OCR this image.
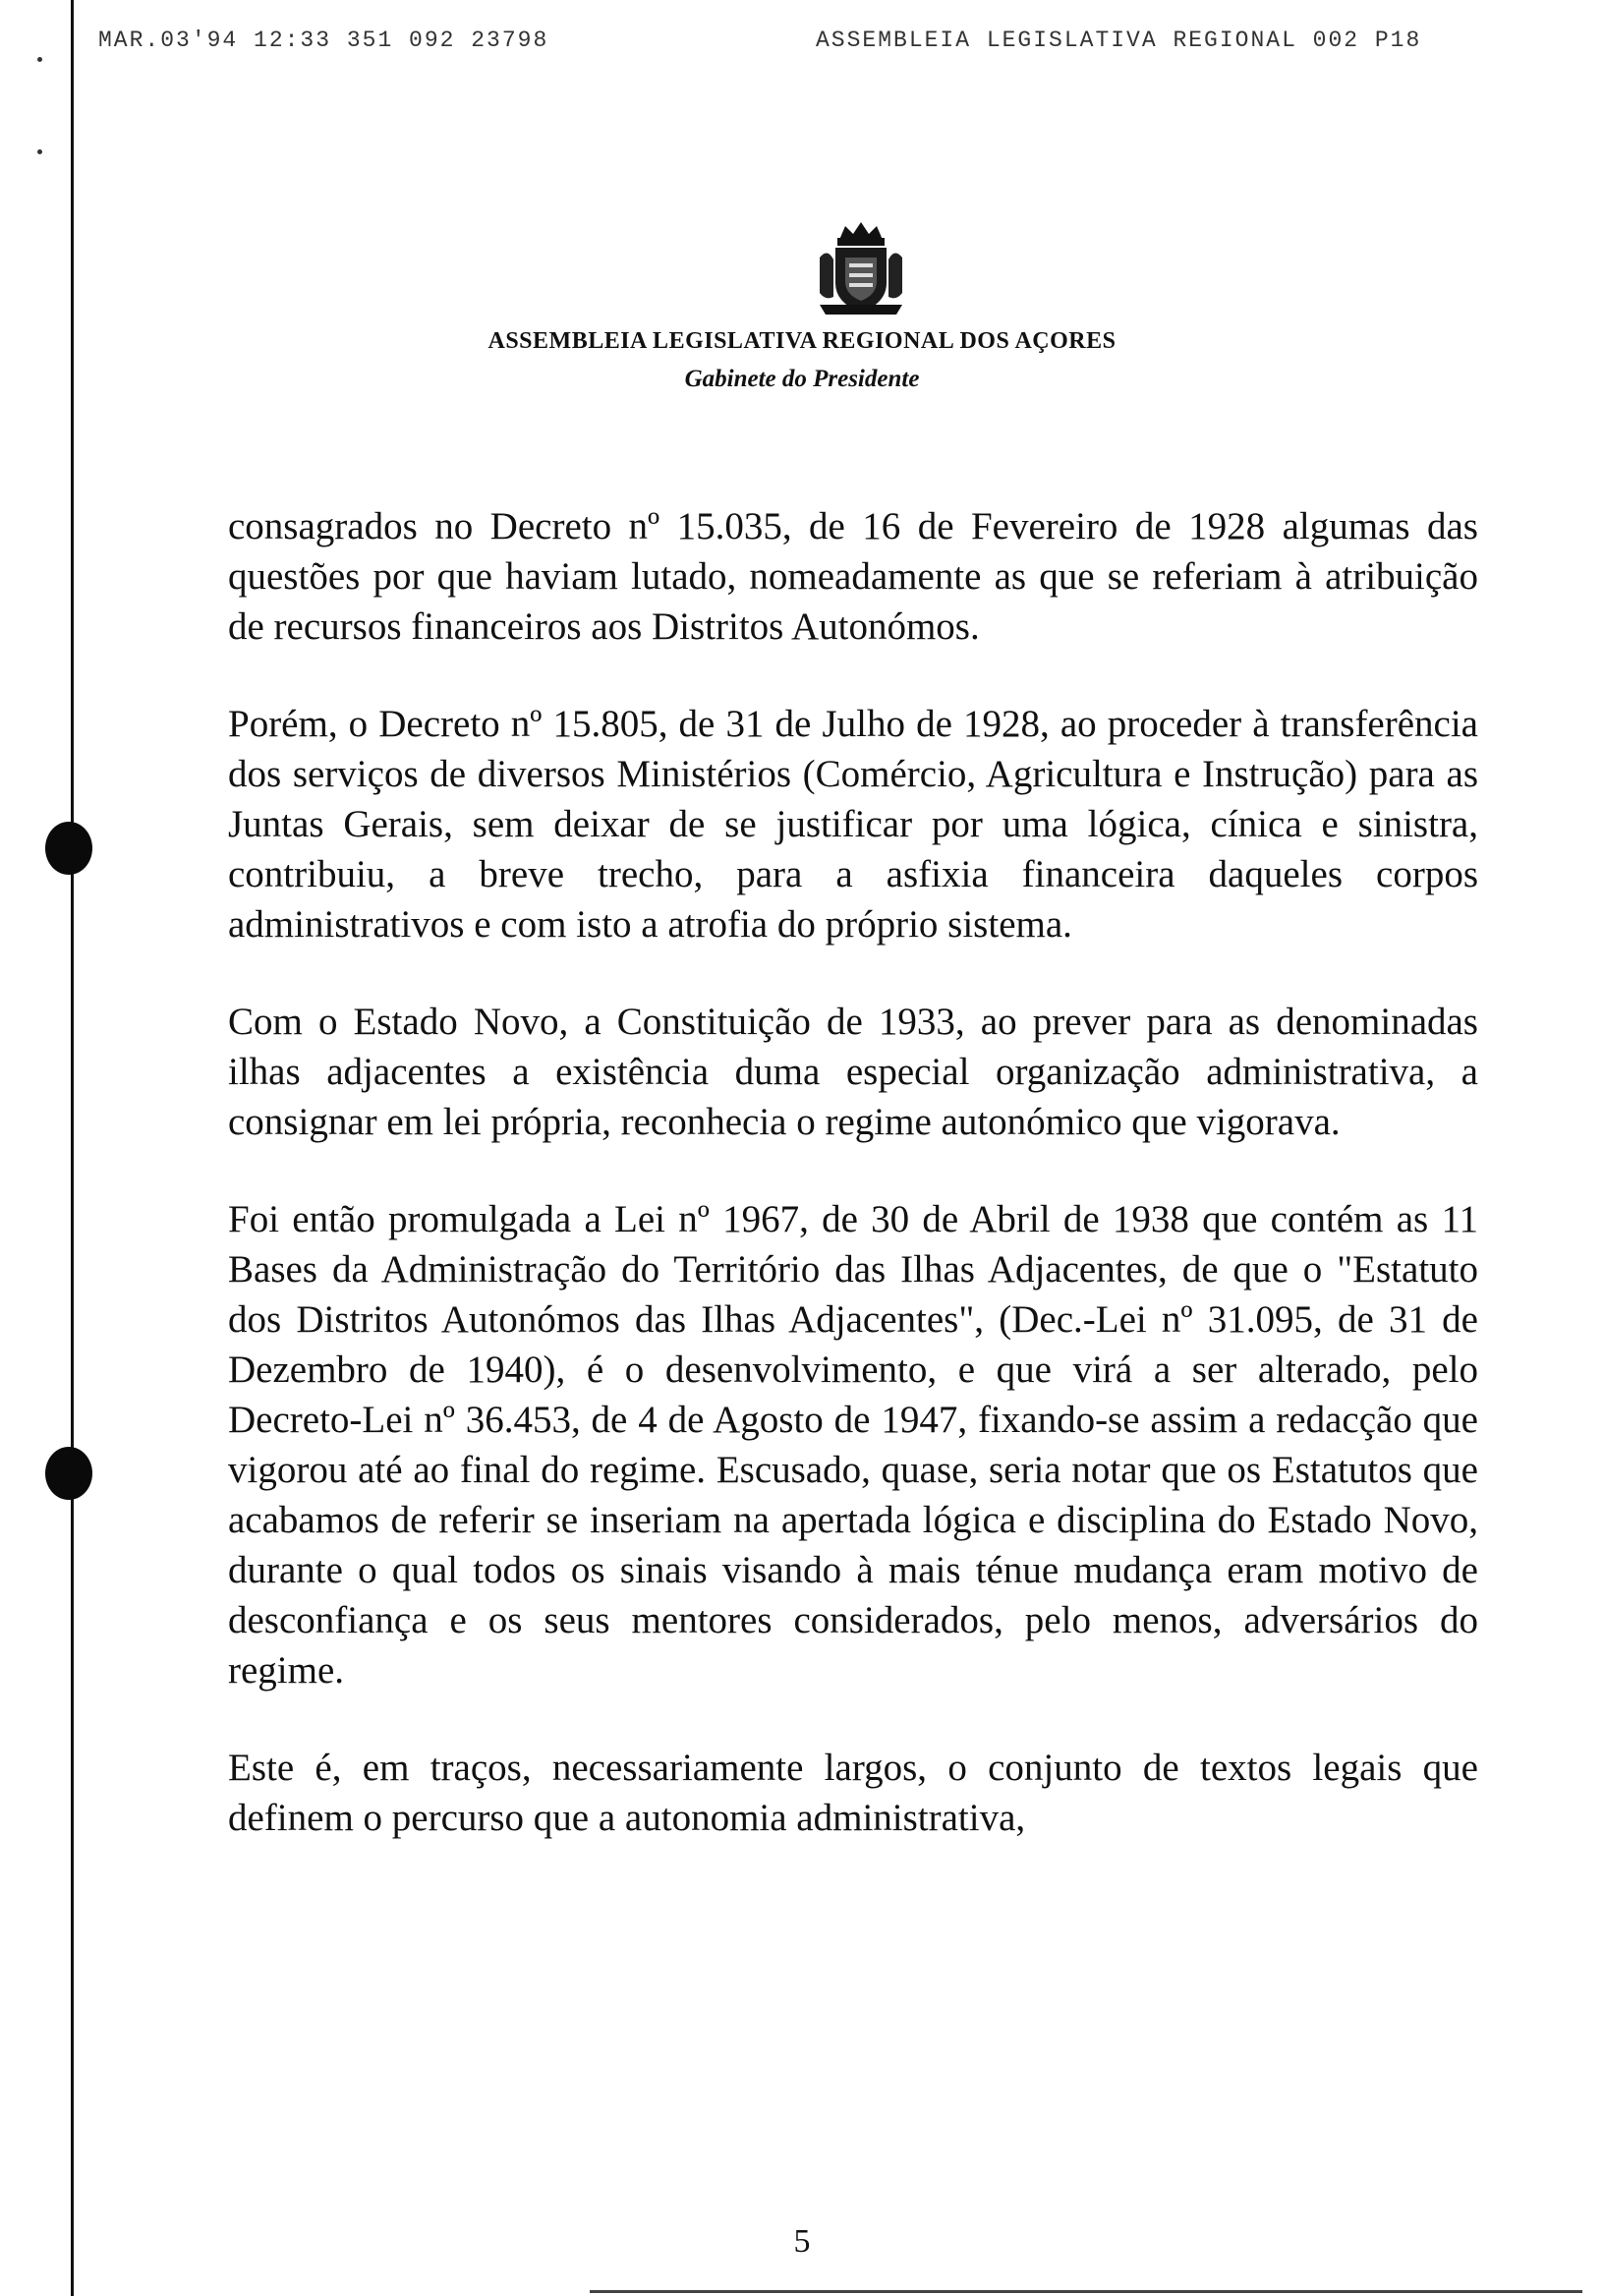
MAR.03'94 12:33 351 092 23798	ASSEMBLEIA LEGISLATIVA REGIONAL 002 P18
ASSEMBLEIA LEGISLATIVA REGIONAL DOS AÇORES
Gabinete do Presidente

consagrados no Decreto nº 15.035, de 16 de Fevereiro de 1928 algumas das questões por que haviam lutado, nomeadamente as que se referiam à atribuição de recursos financeiros aos Distritos Autonómos.

Porém, o Decreto nº 15.805, de 31 de Julho de 1928, ao proceder à transferência dos serviços de diversos Ministérios (Comércio, Agricultura e Instrução) para as Juntas Gerais, sem deixar de se justificar por uma lógica, cínica e sinistra, contribuiu, a breve trecho, para a asfixia financeira daqueles corpos administrativos e com isto a atrofia do próprio sistema.

Com o Estado Novo, a Constituição de 1933, ao prever para as denominadas ilhas adjacentes a existência duma especial organização administrativa, a consignar em lei própria, reconhecia o regime autonómico que vigorava.

Foi então promulgada a Lei nº 1967, de 30 de Abril de 1938 que contém as 11 Bases da Administração do Território das Ilhas Adjacentes, de que o "Estatuto dos Distritos Autonómos das Ilhas Adjacentes", (Dec.-Lei nº 31.095, de 31 de Dezembro de 1940), é o desenvolvimento, e que virá a ser alterado, pelo Decreto-Lei nº 36.453, de 4 de Agosto de 1947, fixando-se assim a redacção que vigorou até ao final do regime. Escusado, quase, seria notar que os Estatutos que acabamos de referir se inseriam na apertada lógica e disciplina do Estado Novo, durante o qual todos os sinais visando à mais ténue mudança eram motivo de desconfiança e os seus mentores considerados, pelo menos, adversários do regime.

Este é, em traços, necessariamente largos, o conjunto de textos legais que definem o percurso que a autonomia administrativa,

5
